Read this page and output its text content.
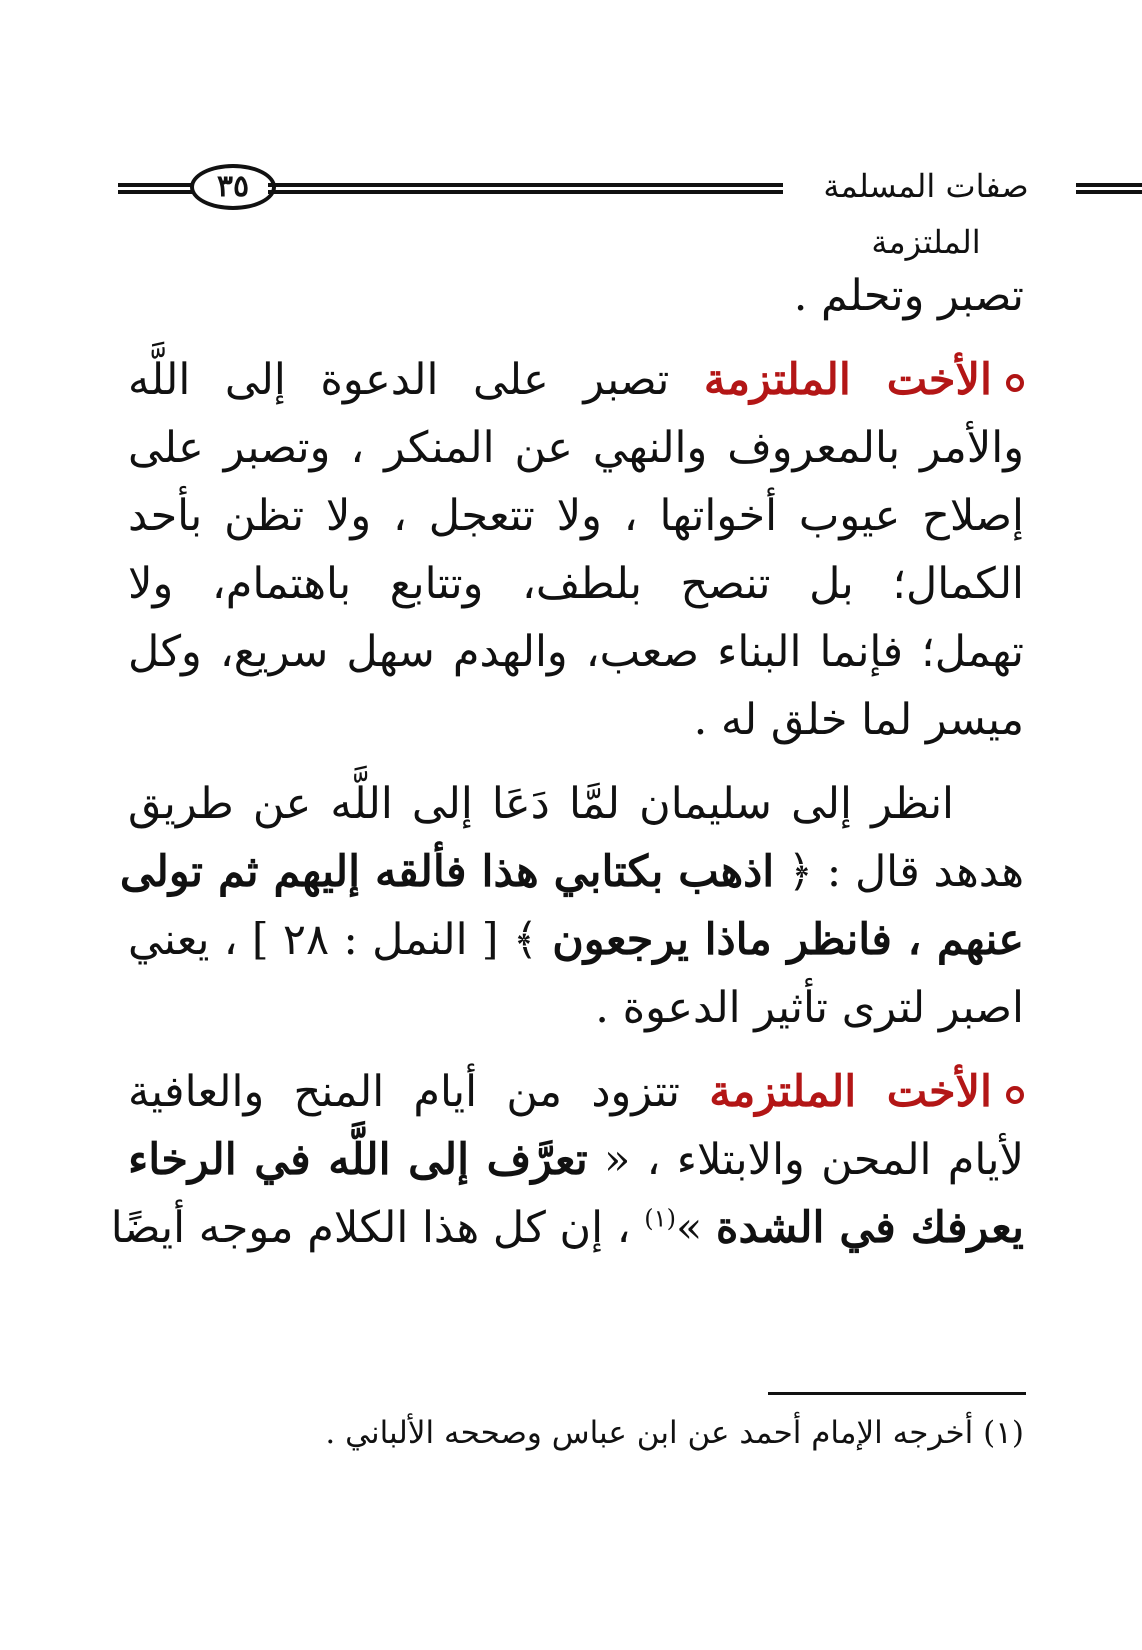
٣٥	صفات المسلمة الملتزمة
تصبر وتحلم .
الأخت الملتزمة تصبر على الدعوة إلى اللَّه
والأمر بالمعروف والنهي عن المنكر ، وتصبر على
إصلاح عيوب أخواتها ، ولا تتعجل ، ولا تظن بأحد
الكمال؛ بل تنصح بلطف، وتتابع باهتمام، ولا
تهمل؛ فإنما البناء صعب، والهدم سهل سريع، وكل
ميسر لما خلق له .
انظر إلى سليمان لمَّا دَعَا إلى اللَّه عن طريق
هدهد قال : ﴿ اذهب بكتابي هذا فألقه إليهم ثم تولى
عنهم ، فانظر ماذا يرجعون ﴾ [ النمل : ٢٨ ] ، يعني
اصبر لترى تأثير الدعوة .
الأخت الملتزمة تتزود من أيام المنح والعافية
لأيام المحن والابتلاء ، « تعرَّف إلى اللَّه في الرخاء
يعرفك في الشدة »$^{(١)}$ ، إن كل هذا الكلام موجه أيضًا
(١) أخرجه الإمام أحمد عن ابن عباس وصححه الألباني .
